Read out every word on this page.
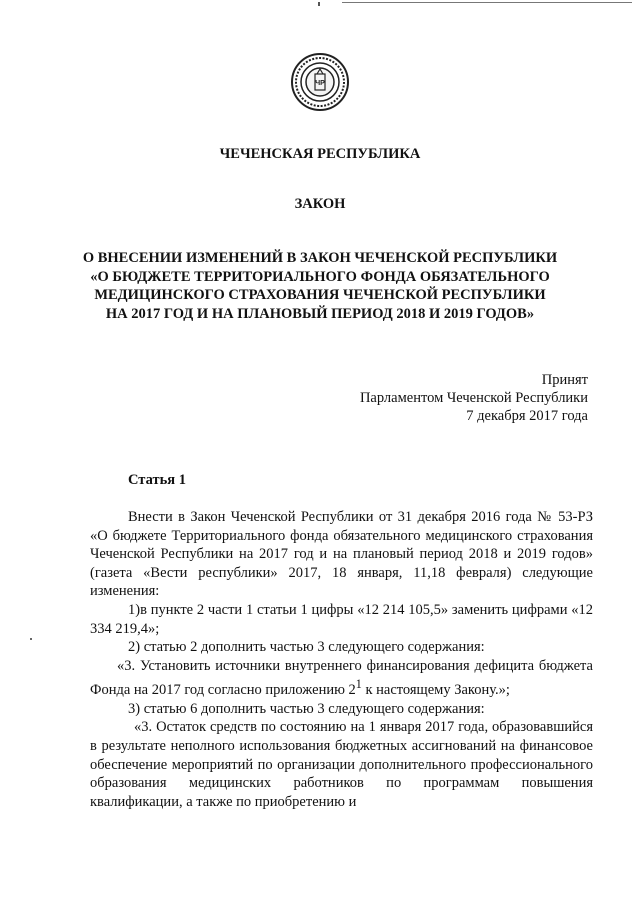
ЧР
ЧЕЧЕНСКАЯ РЕСПУБЛИКА
ЗАКОН
О ВНЕСЕНИИ ИЗМЕНЕНИЙ В ЗАКОН ЧЕЧЕНСКОЙ РЕСПУБЛИКИ
«О БЮДЖЕТЕ ТЕРРИТОРИАЛЬНОГО ФОНДА ОБЯЗАТЕЛЬНОГО
МЕДИЦИНСКОГО СТРАХОВАНИЯ ЧЕЧЕНСКОЙ РЕСПУБЛИКИ
НА 2017 ГОД И НА ПЛАНОВЫЙ ПЕРИОД 2018 И 2019 ГОДОВ»
Принят
Парламентом Чеченской Республики
7 декабря 2017 года
Статья 1

Внести в Закон Чеченской Республики от 31 декабря 2016 года № 53-РЗ «О бюджете Территориального фонда обязательного медицинского страхования Чеченской Республики на 2017 год и на плановый период 2018 и 2019 годов» (газета «Вести республики» 2017, 18 января, 11,18 февраля) следующие изменения:

1)в пункте 2 части 1 статьи 1 цифры «12 214 105,5» заменить цифрами «12 334 219,4»;

2) статью 2 дополнить частью 3 следующего содержания:

«3. Установить источники внутреннего финансирования дефицита бюджета Фонда на 2017 год согласно приложению $2^1$ к настоящему Закону.»;

3) статью 6 дополнить частью 3 следующего содержания:

«3. Остаток средств по состоянию на 1 января 2017 года, образовавшийся в результате неполного использования бюджетных ассигнований на финансовое обеспечение мероприятий по организации дополнительного профессионального образования медицинских работников по программам повышения квалификации, а также по приобретению и
